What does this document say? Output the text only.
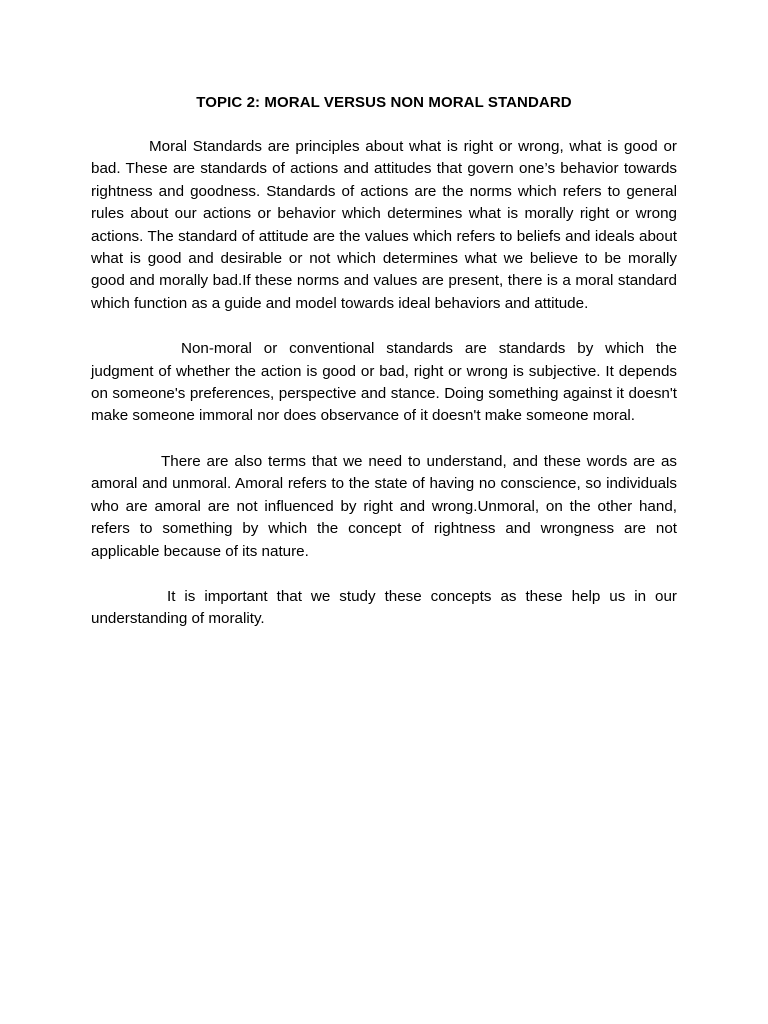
TOPIC 2: MORAL VERSUS NON MORAL STANDARD

Moral Standards are principles about what is right or wrong, what is good or bad. These are standards of actions and attitudes that govern one’s behavior towards rightness and goodness. Standards of actions are the norms which refers to general rules about our actions or behavior which determines what is morally right or wrong actions. The standard of attitude are the values which refers to beliefs and ideals about what is good and desirable or not which determines what we believe to be morally good and morally bad.If these norms and values are present, there is a moral standard which function as a guide and model towards ideal behaviors and attitude.

Non-moral or conventional standards are standards by which the judgment of whether the action is good or bad, right or wrong is subjective. It depends on someone's preferences, perspective and stance. Doing something against it doesn't make someone immoral nor does observance of it doesn't make someone moral.

There are also terms that we need to understand, and these words are as amoral and unmoral. Amoral refers to the state of having no conscience, so individuals who are amoral are not influenced by right and wrong.Unmoral, on the other hand, refers to something by which the concept of rightness and wrongness are not applicable because of its nature.

It is important that we study these concepts as these help us in our understanding of morality.
